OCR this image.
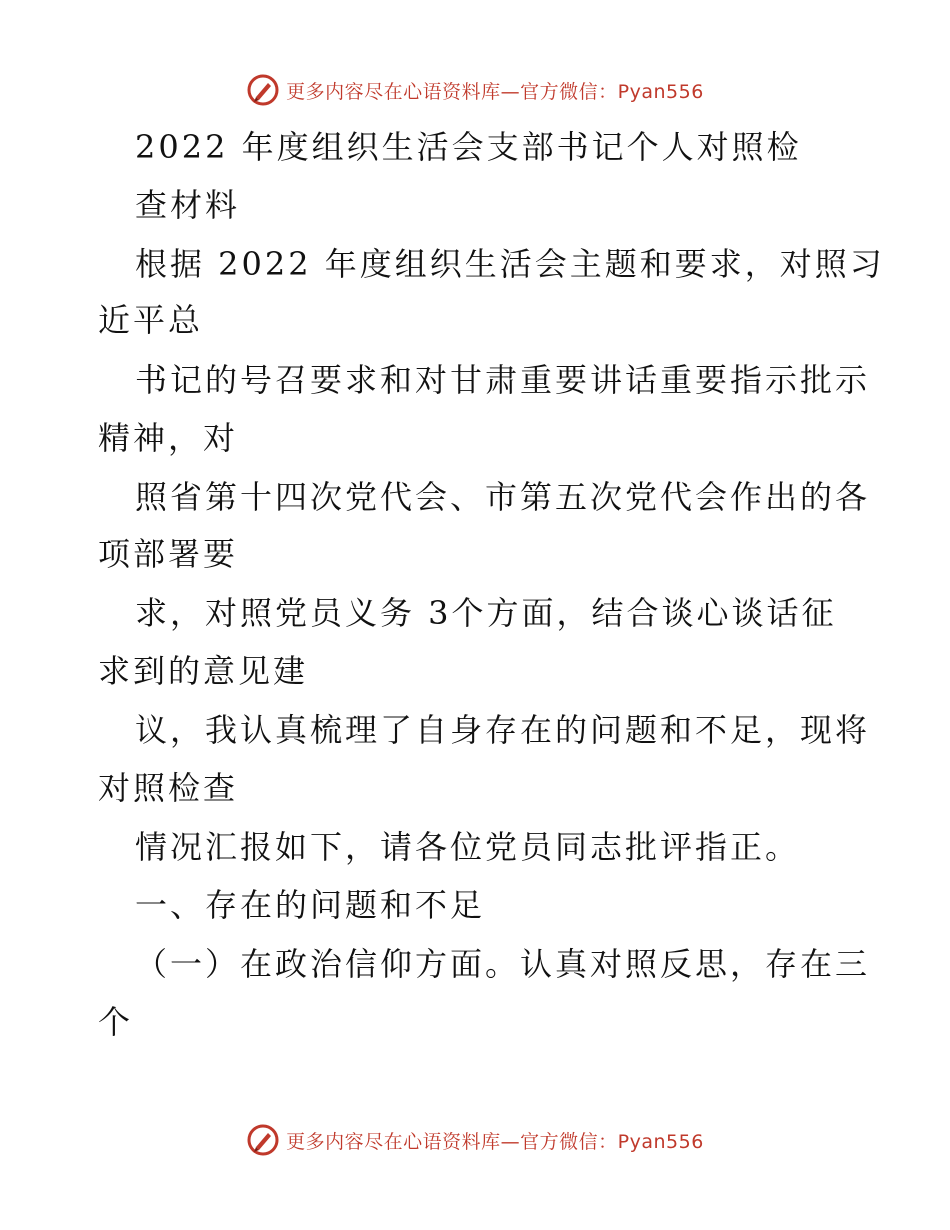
更多内容尽在心语资料库—官方微信：Pyan556
2022 年度组织生活会支部书记个人对照检
查材料
根据 2022 年度组织生活会主题和要求，对照习
近平总
书记的号召要求和对甘肃重要讲话重要指示批示
精神，对
照省第十四次党代会、市第五次党代会作出的各
项部署要
求，对照党员义务 3个方面，结合谈心谈话征
求到的意见建
议，我认真梳理了自身存在的问题和不足，现将
对照检查
情况汇报如下，请各位党员同志批评指正。
一、存在的问题和不足
（一）在政治信仰方面。认真对照反思，存在三
个
更多内容尽在心语资料库—官方微信：Pyan556
